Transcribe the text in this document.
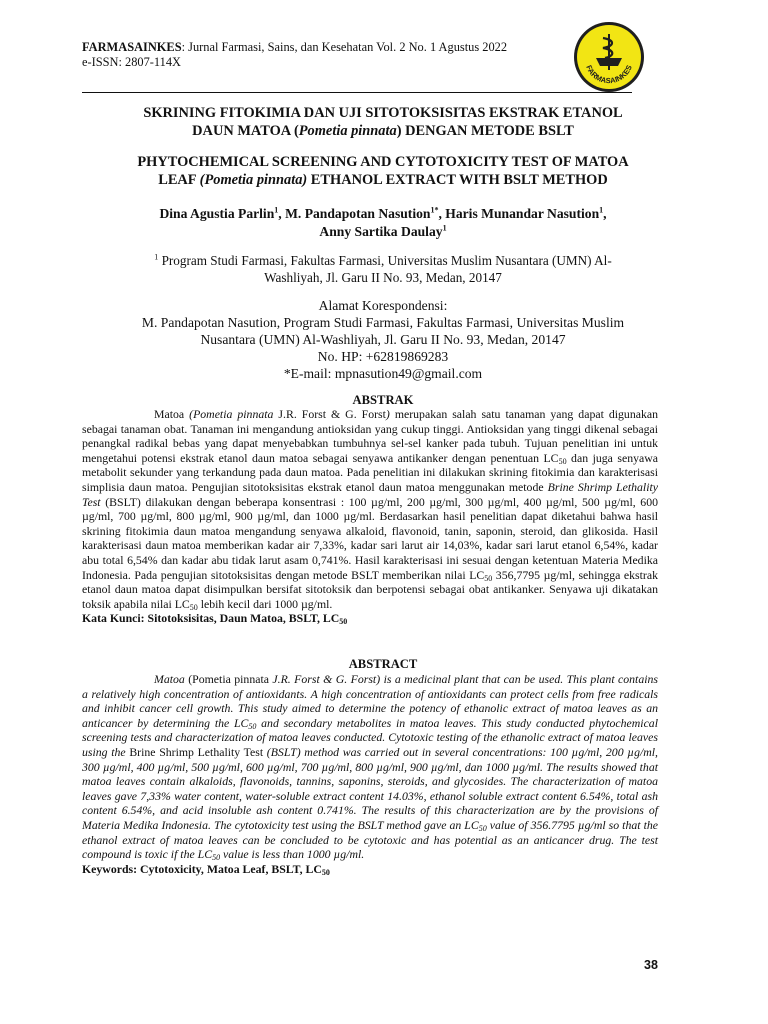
FARMASAINKES: Jurnal Farmasi, Sains, dan Kesehatan Vol. 2 No. 1 Agustus 2022
e-ISSN: 2807-114X	FARMASAINKES
SKRINING FITOKIMIA DAN UJI SITOTOKSISITAS EKSTRAK ETANOL
DAUN MATOA (Pometia pinnata) DENGAN METODE BSLT
PHYTOCHEMICAL SCREENING AND CYTOTOXICITY TEST OF MATOA
LEAF (Pometia pinnata) ETHANOL EXTRACT WITH BSLT METHOD
Dina Agustia Parlin$^1$, M. Pandapotan Nasution$^{1*}$, Haris Munandar Nasution$^1$,
Anny Sartika Daulay$^1$
$^1$ Program Studi Farmasi, Fakultas Farmasi, Universitas Muslim Nusantara (UMN) Al-
Washliyah, Jl. Garu II No. 93, Medan, 20147
Alamat Korespondensi:
M. Pandapotan Nasution, Program Studi Farmasi, Fakultas Farmasi, Universitas Muslim
Nusantara (UMN) Al-Washliyah, Jl. Garu II No. 93, Medan, 20147
No. HP: +62819869283
*E-mail: mpnasution49@gmail.com
ABSTRAK
Matoa (Pometia pinnata J.R. Forst & G. Forst) merupakan salah satu tanaman yang dapat digunakan sebagai tanaman obat. Tanaman ini mengandung antioksidan yang cukup tinggi. Antioksidan yang tinggi dikenal sebagai penangkal radikal bebas yang dapat menyebabkan tumbuhnya sel-sel kanker pada tubuh. Tujuan penelitian ini untuk mengetahui potensi ekstrak etanol daun matoa sebagai senyawa antikanker dengan penentuan $LC_{50}$ dan juga senyawa metabolit sekunder yang terkandung pada daun matoa. Pada penelitian ini dilakukan skrining fitokimia dan karakterisasi simplisia daun matoa. Pengujian sitotoksisitas ekstrak etanol daun matoa menggunakan metode Brine Shrimp Lethality Test (BSLT) dilakukan dengan beberapa konsentrasi : 100 µg/ml, 200 µg/ml, 300 µg/ml, 400 µg/ml, 500 µg/ml, 600 µg/ml, 700 µg/ml, 800 µg/ml, 900 µg/ml, dan 1000 µg/ml. Berdasarkan hasil penelitian dapat diketahui bahwa hasil skrining fitokimia daun matoa mengandung senyawa alkaloid, flavonoid, tanin, saponin, steroid, dan glikosida. Hasil karakterisasi daun matoa memberikan kadar air 7,33%, kadar sari larut air 14,03%, kadar sari larut etanol 6,54%, kadar abu total 6,54% dan kadar abu tidak larut asam 0,741%. Hasil karakterisasi ini sesuai dengan ketentuan Materia Medika Indonesia. Pada pengujian sitotoksisitas dengan metode BSLT memberikan nilai $LC_{50}$ 356,7795 µg/ml, sehingga ekstrak etanol daun matoa dapat disimpulkan bersifat sitotoksik dan berpotensi sebagai obat antikanker. Senyawa uji dikatakan toksik apabila nilai $LC_{50}$ lebih kecil dari 1000 µg/ml.
Kata Kunci: Sitotoksisitas, Daun Matoa, BSLT, $LC_{50}$
ABSTRACT
Matoa (Pometia pinnata J.R. Forst & G. Forst) is a medicinal plant that can be used. This plant contains a relatively high concentration of antioxidants. A high concentration of antioxidants can protect cells from free radicals and inhibit cancer cell growth. This study aimed to determine the potency of ethanolic extract of matoa leaves as an anticancer by determining the $LC_{50}$ and secondary metabolites in matoa leaves. This study conducted phytochemical screening tests and characterization of matoa leaves conducted. Cytotoxic testing of the ethanolic extract of matoa leaves using the Brine Shrimp Lethality Test (BSLT) method was carried out in several concentrations: 100 µg/ml, 200 µg/ml, 300 µg/ml, 400 µg/ml, 500 µg/ml, 600 µg/ml, 700 µg/ml, 800 µg/ml, 900 µg/ml, dan 1000 µg/ml. The results showed that matoa leaves contain alkaloids, flavonoids, tannins, saponins, steroids, and glycosides. The characterization of matoa leaves gave 7,33% water content, water-soluble extract content 14.03%, ethanol soluble extract content 6.54%, total ash content 6.54%, and acid insoluble ash content 0.741%. The results of this characterization are by the provisions of Materia Medika Indonesia. The cytotoxicity test using the BSLT method gave an $LC_{50}$ value of 356.7795 µg/ml so that the ethanol extract of matoa leaves can be concluded to be cytotoxic and has potential as an anticancer drug. The test compound is toxic if the $LC_{50}$ value is less than 1000 µg/ml.
Keywords: Cytotoxicity, Matoa Leaf, BSLT, $LC_{50}$
38
